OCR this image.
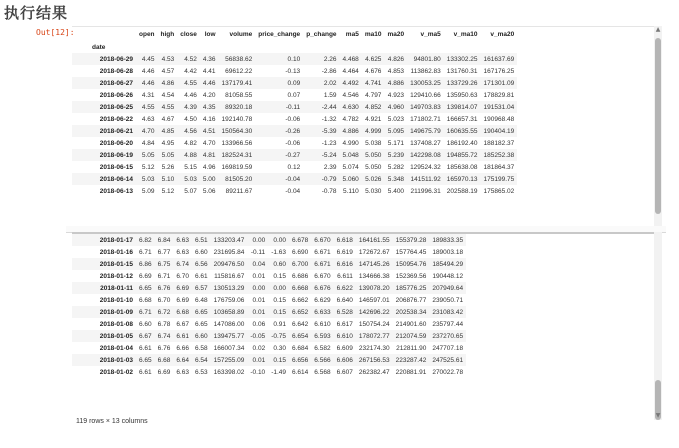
执行结果
Out[12]:
		open	high	close	low	volume	price_change	p_change	ma5	ma10	ma20	v_ma5	v_ma10	v_ma20
date													
2018-06-29	4.45	4.53	4.52	4.36	56838.62	0.10	2.26	4.468	4.625	4.826	94801.80	133302.25	161637.69
2018-06-28	4.46	4.57	4.42	4.41	69612.22	-0.13	-2.86	4.464	4.676	4.853	113862.83	131760.31	167176.25
2018-06-27	4.46	4.86	4.55	4.46	137179.41	0.09	2.02	4.492	4.741	4.886	130053.25	133729.26	171301.09
2018-06-26	4.31	4.54	4.46	4.20	81058.55	0.07	1.59	4.546	4.797	4.923	129410.66	135950.63	178829.81
2018-06-25	4.55	4.55	4.39	4.35	89320.18	-0.11	-2.44	4.630	4.852	4.960	149703.83	139814.07	191531.04
2018-06-22	4.63	4.67	4.50	4.16	192140.78	-0.06	-1.32	4.782	4.921	5.023	171802.71	166657.31	190968.48
2018-06-21	4.70	4.85	4.56	4.51	150564.30	-0.26	-5.39	4.886	4.999	5.095	149675.79	160635.55	190404.19
2018-06-20	4.84	4.95	4.82	4.70	133966.56	-0.06	-1.23	4.990	5.038	5.171	137408.27	186192.40	188182.37
2018-06-19	5.05	5.05	4.88	4.81	182524.31	-0.27	-5.24	5.048	5.050	5.239	142298.08	194855.72	185252.38
2018-06-15	5.12	5.26	5.15	4.96	169819.59	0.12	2.39	5.074	5.050	5.282	129524.32	185638.08	181864.37
2018-06-14	5.03	5.10	5.03	5.00	81505.20	-0.04	-0.79	5.060	5.026	5.348	141511.92	165970.13	175199.75
2018-06-13	5.09	5.12	5.07	5.06	89211.67	-0.04	-0.78	5.110	5.030	5.400	211996.31	202588.19	175865.02
▲
2018-01-17	6.82	6.84	6.63	6.51	133203.47	0.00	0.00	6.678	6.670	6.618	164161.55	155379.28	189833.35
2018-01-16	6.71	6.77	6.63	6.60	231695.84	-0.11	-1.63	6.690	6.671	6.619	172672.67	157764.45	189003.18
2018-01-15	6.86	6.75	6.74	6.56	209476.50	0.04	0.60	6.700	6.671	6.616	147145.26	150954.76	185494.29
2018-01-12	6.69	6.71	6.70	6.61	115816.67	0.01	0.15	6.686	6.670	6.611	134666.38	152369.56	190448.12
2018-01-11	6.65	6.76	6.69	6.57	130513.29	0.00	0.00	6.668	6.676	6.622	139078.20	185776.25	207949.64
2018-01-10	6.68	6.70	6.69	6.48	176759.06	0.01	0.15	6.662	6.629	6.640	146597.01	206876.77	239050.71
2018-01-09	6.71	6.72	6.68	6.65	103658.89	0.01	0.15	6.652	6.633	6.528	142696.22	202538.34	231083.42
2018-01-08	6.60	6.78	6.67	6.65	147086.00	0.06	0.91	6.642	6.610	6.617	150754.24	214901.60	235797.44
2018-01-05	6.67	6.74	6.61	6.60	139475.77	-0.05	-0.75	6.654	6.593	6.610	178072.77	212074.59	237270.65
2018-01-04	6.61	6.76	6.66	6.58	166007.34	0.02	0.30	6.684	6.582	6.609	232174.30	212811.90	247707.18
2018-01-03	6.65	6.68	6.64	6.54	157255.09	0.01	0.15	6.656	6.566	6.606	267156.53	223287.42	247525.61
2018-01-02	6.61	6.69	6.63	6.53	163398.02	-0.10	-1.49	6.614	6.568	6.607	262382.47	220881.91	270022.78
▼
119 rows × 13 columns
